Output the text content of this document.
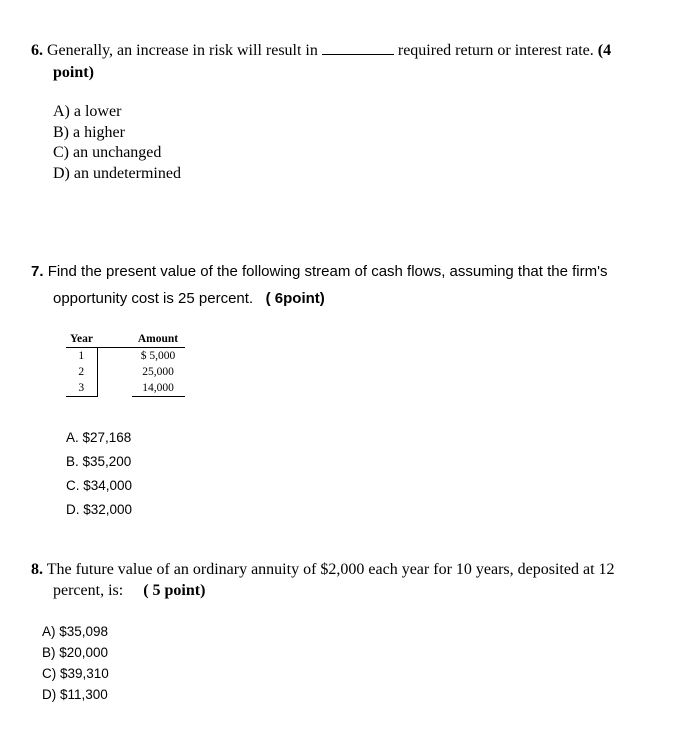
6. Generally, an increase in risk will result in	required return or interest rate. (4
point)
A) a lower
B) a higher
C) an unchanged
D) an undetermined
7. Find the present value of the following stream of cash flows, assuming that the firm's
opportunity cost is 25 percent. ( 6point)
Year		Amount
1		$ 5,000
2		25,000
3		14,000
A. $27,168
B. $35,200
C. $34,000
D. $32,000
8. The future value of an ordinary annuity of $2,000 each year for 10 years, deposited at 12
percent, is: ( 5 point)
A) $35,098
B) $20,000
C) $39,310
D) $11,300
